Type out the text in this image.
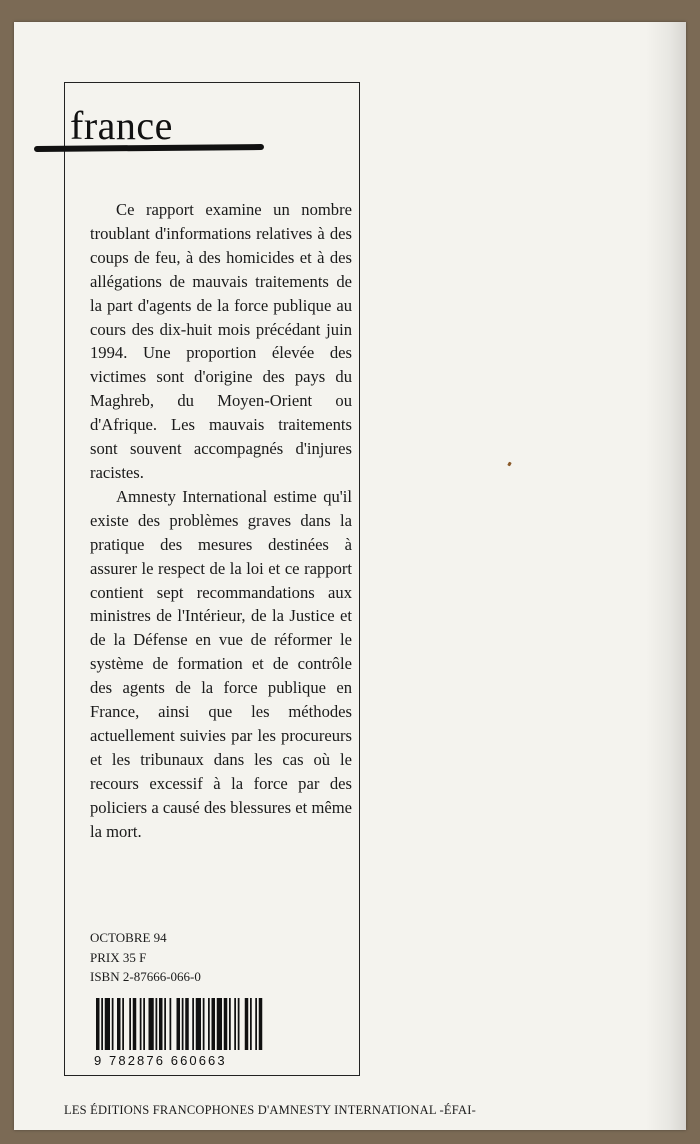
france

Ce rapport examine un nombre troublant d'informations relatives à des coups de feu, à des homicides et à des allégations de mauvais traitements de la part d'agents de la force publique au cours des dix-huit mois précédant juin 1994. Une proportion élevée des victimes sont d'origine des pays du Maghreb, du Moyen-Orient ou d'Afrique. Les mauvais traitements sont souvent accompagnés d'injures racistes.

Amnesty International estime qu'il existe des problèmes graves dans la pratique des mesures destinées à assurer le respect de la loi et ce rapport contient sept recommandations aux ministres de l'Intérieur, de la Justice et de la Défense en vue de réformer le système de formation et de contrôle des agents de la force publique en France, ainsi que les méthodes actuellement suivies par les procureurs et les tribunaux dans les cas où le recours excessif à la force par des policiers a causé des blessures et même la mort.

OCTOBRE 94
PRIX 35 F
ISBN 2-87666-066-0
9 782876 660663
LES ÉDITIONS FRANCOPHONES D'AMNESTY INTERNATIONAL -ÉFAI-
